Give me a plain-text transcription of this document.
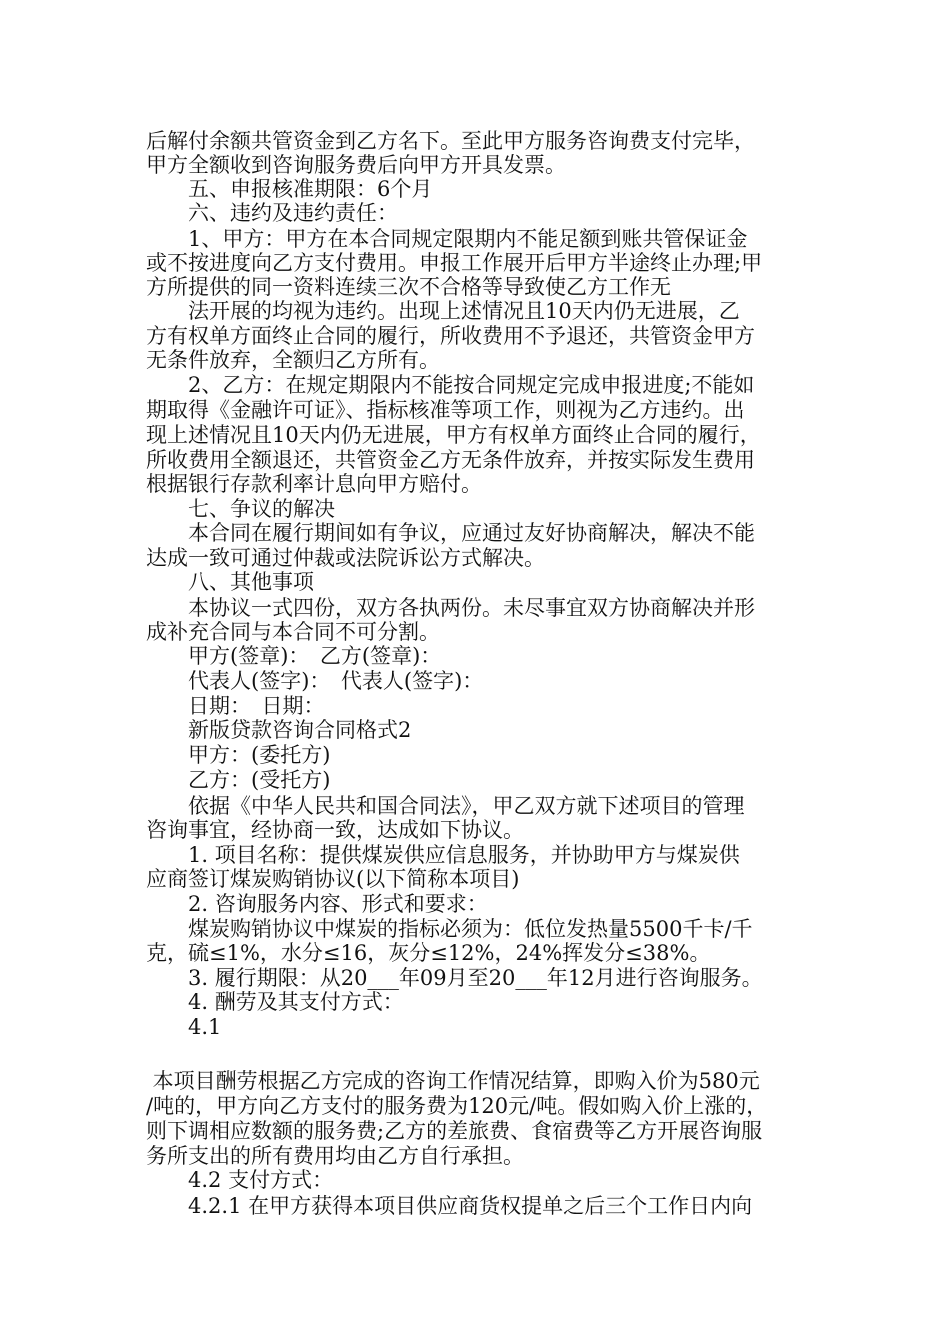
后解付余额共管资金到乙方名下。至此甲方服务咨询费支付完毕，
甲方全额收到咨询服务费后向甲方开具发票。
　　五、申报核准期限：6个月
　　六、违约及违约责任：
　　1、甲方：甲方在本合同规定限期内不能足额到账共管保证金
或不按进度向乙方支付费用。申报工作展开后甲方半途终止办理;甲
方所提供的同一资料连续三次不合格等导致使乙方工作无
　　法开展的均视为违约。出现上述情况且10天内仍无进展，乙
方有权单方面终止合同的履行，所收费用不予退还，共管资金甲方
无条件放弃，全额归乙方所有。
　　2、乙方：在规定期限内不能按合同规定完成申报进度;不能如
期取得《金融许可证》、指标核准等项工作，则视为乙方违约。出
现上述情况且10天内仍无进展，甲方有权单方面终止合同的履行，
所收费用全额退还，共管资金乙方无条件放弃，并按实际发生费用
根据银行存款利率计息向甲方赔付。
　　七、争议的解决
　　本合同在履行期间如有争议，应通过友好协商解决，解决不能
达成一致可通过仲裁或法院诉讼方式解决。
　　八、其他事项
　　本协议一式四份，双方各执两份。未尽事宜双方协商解决并形
成补充合同与本合同不可分割。
　　甲方(签章)：　乙方(签章)：
　　代表人(签字)：　代表人(签字)：
　　日期：　日期：
　　新版贷款咨询合同格式2
　　甲方：(委托方)
　　乙方：(受托方)
　　依据《中华人民共和国合同法》，甲乙双方就下述项目的管理
咨询事宜，经协商一致，达成如下协议。
　　1. 项目名称：提供煤炭供应信息服务，并协助甲方与煤炭供
应商签订煤炭购销协议(以下简称本项目)
　　2. 咨询服务内容、形式和要求：
　　煤炭购销协议中煤炭的指标必须为：低位发热量5500千卡/千
克，硫≤1%，水分≤16，灰分≤12%，24%挥发分≤38%。
　　3. 履行期限：从20___年09月至20___年12月进行咨询服务。
　　4. 酬劳及其支付方式：
　　4.1
本项目酬劳根据乙方完成的咨询工作情况结算，即购入价为580元
/吨的，甲方向乙方支付的服务费为120元/吨。假如购入价上涨的，
则下调相应数额的服务费;乙方的差旅费、食宿费等乙方开展咨询服
务所支出的所有费用均由乙方自行承担。
　　4.2 支付方式：
　　4.2.1 在甲方获得本项目供应商货权提单之后三个工作日内向
